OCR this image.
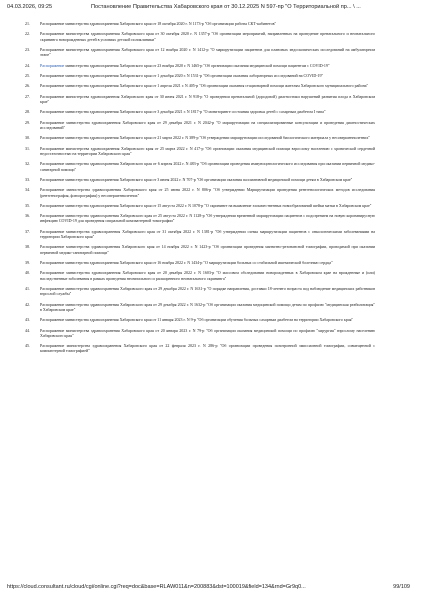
04.03.2026, 09:25	Постановление Правительства Хабаровского края от 30.12.2025 N 597-пр "О Территориальной пр... \ ...
21.	Распоряжение министерства здравоохранения Хабаровского края от 18 октября 2020 г. N 1173-р "Об организации работы СКТ-кабинетов"
22.	Распоряжение министерства здравоохранения Хабаровского края от 30 октября 2020 г. N 1357-р "Об организации мероприятий, направленных на проведение пренатального и неонатального скрининга новорожденных детей в условиях детской поликлиники"
23.	Распоряжение министерства здравоохранения Хабаровского края от 12 ноября 2020 г. N 1412-р "О маршрутизации пациентов для плановых эндоскопических исследований на амбулаторном этапе"
24.	Распоряжение министерства здравоохранения Хабаровского края от 23 ноября 2020 г. N 1465-р "Об организации оказания медицинской помощи пациентам с COVID-19"
25.	Распоряжение министерства здравоохранения Хабаровского края от 1 декабря 2020 г. N 1531-р "Об организации оказания лабораторных исследований на COVID-19"
26.	Распоряжение министерства здравоохранения Хабаровского края от 1 апреля 2021 г. N 405-р "Об организации оказания стационарной помощи жителям Хабаровского муниципального района"
27.	Распоряжение министерства здравоохранения Хабаровского края от 30 июня 2021 г. N 918-р "О проведении пренатальной (дородовой) диагностики нарушений развития плода в Хабаровском крае"
28.	Распоряжение министерства здравоохранения Хабаровского края от 3 декабря 2021 г. N 1817-р "О мониторинге состояния здоровья детей с сахарным диабетом I типа"
29.	Распоряжение министерства здравоохранения Хабаровского края от 29 декабря 2021 г. N 2042-р "О маршрутизации на специализированные консультации и проведения диагностических исследований"
30.	Распоряжение министерства здравоохранения Хабаровского края от 21 марта 2022 г. N 389-р "Об утверждении маршрутизации исследований биологического материала у несовершеннолетних"
31.	Распоряжение министерства здравоохранения Хабаровского края от 25 марта 2022 г. N 417-р "Об организации оказания медицинской помощи взрослому населению с хронической сердечной недостаточностью на территории Хабаровского края"
32.	Распоряжение министерства здравоохранения Хабаровского края от 6 апреля 2022 г. N 483-р "Об организации проведения иммуноцитологического исследования при оказании первичной медико-санитарной помощи"
33.	Распоряжение министерства здравоохранения Хабаровского края от 3 июня 2022 г. N 707-р "Об организации оказания паллиативной медицинской помощи детям в Хабаровском крае"
34.	Распоряжение министерства здравоохранения Хабаровского края от 25 июня 2022 г. N 806-р "Об утверждении Маршрутизации проведения рентгенологических методов исследования (рентгенография, флюорография) у несовершеннолетних"
35.	Распоряжение министерства здравоохранения Хабаровского края от 15 августа 2022 г. N 1078-р "О скрининге на выявление злокачественных новообразований шейки матки в Хабаровском крае"
36.	Распоряжение министерства здравоохранения Хабаровского края от 25 августа 2022 г. N 1128-р "Об утверждении временной маршрутизации пациентов с подозрением на новую коронавирусную инфекцию COVID-19 для проведения спиральной компьютерной томографии"
37.	Распоряжение министерства здравоохранения Хабаровского края от 31 октября 2022 г. N 1381-р "Об утверждении схемы маршрутизации пациентов с онкологическими заболеваниями на территории Хабаровского края"
38.	Распоряжение министерства здравоохранения Хабаровского края от 14 ноября 2022 г. N 1423-р "Об организации проведения магнитно-резонансной томографии, проводимой при оказании первичной медико-санитарной помощи"
39.	Распоряжение министерства здравоохранения Хабаровского края от 16 ноября 2022 г. N 1434-р "О маршрутизации больных со стабильной ишемической болезнью сердца"
40.	Распоряжение министерства здравоохранения Хабаровского края от 20 декабря 2022 г. N 1603-р "О массовом обследовании новорожденных в Хабаровском крае на врожденные и (или) наследственные заболевания в рамках проведения неонатального и расширенного неонатального скрининга"
41.	Распоряжение министерства здравоохранения Хабаровского края от 29 декабря 2022 г. N 1631-р "О порядке направления, доставки 18-летнего возраста под наблюдение медицинских работников взрослой службы"
42.	Распоряжение министерства здравоохранения Хабаровского края от 29 декабря 2022 г. N 1632-р "Об организации оказания медицинской помощи детям по профилю "медицинская реабилитация" в Хабаровском крае"
43.	Распоряжение министерства здравоохранения Хабаровского края от 11 января 2023 г. N 9-р "Об организации обучения больных сахарным диабетом на территории Хабаровского края"
44.	Распоряжение министерства здравоохранения Хабаровского края от 20 января 2023 г. N 79-р "Об организации оказания медицинской помощи по профилю "хирургия" взрослому населению Хабаровского края"
45.	Распоряжение министерства здравоохранения Хабаровского края от 22 февраля 2023 г. N 286-р "Об организации проведения позитронной эмиссионной томографии, совмещенной с компьютерной томографией"
https://cloud.consultant.ru/cloud/cgi/online.cgi?req=doc&base=RLAW011&n=200883&dst=100019&field=134&rnd=Gr9q0...	99/109
